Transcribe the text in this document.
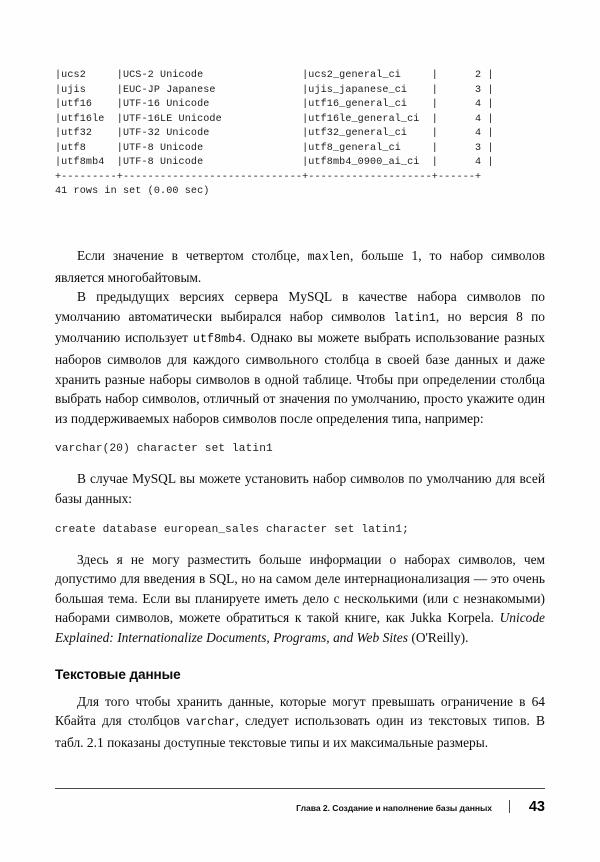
|ucs2     |UCS-2 Unicode                |ucs2_general_ci     |      2 |
|ujis     |EUC-JP Japanese              |ujis_japanese_ci    |      3 |
|utf16    |UTF-16 Unicode               |utf16_general_ci    |      4 |
|utf16le  |UTF-16LE Unicode             |utf16le_general_ci  |      4 |
|utf32    |UTF-32 Unicode               |utf32_general_ci    |      4 |
|utf8     |UTF-8 Unicode                |utf8_general_ci     |      3 |
|utf8mb4  |UTF-8 Unicode                |utf8mb4_0900_ai_ci  |      4 |
+---------+-----------------------------+--------------------+------+
41 rows in set (0.00 sec)

Если значение в четвертом столбце, maxlen, больше 1, то набор символов является многобайтовым.

В предыдущих версиях сервера MySQL в качестве набора символов по умолчанию автоматически выбирался набор символов latin1, но версия 8 по умолчанию использует utf8mb4. Однако вы можете выбрать использование разных наборов символов для каждого символьного столбца в своей базе данных и даже хранить разные наборы символов в одной таблице. Чтобы при определении столбца выбрать набор символов, отличный от значения по умолчанию, просто укажите один из поддерживаемых наборов символов после определения типа, например:

varchar(20) character set latin1

В случае MySQL вы можете установить набор символов по умолчанию для всей базы данных:

create database european_sales character set latin1;

Здесь я не могу разместить больше информации о наборах символов, чем допустимо для введения в SQL, но на самом деле интернационализация — это очень большая тема. Если вы планируете иметь дело с несколькими (или с незнакомыми) наборами символов, можете обратиться к такой книге, как Jukka Korpela. Unicode Explained: Internationalize Documents, Programs, and Web Sites (O'Reilly).

Текстовые данные

Для того чтобы хранить данные, которые могут превышать ограничение в 64 Кбайта для столбцов varchar, следует использовать один из текстовых типов. В табл. 2.1 показаны доступные текстовые типы и их максимальные размеры.

Глава 2. Создание и наполнение базы данных	43
